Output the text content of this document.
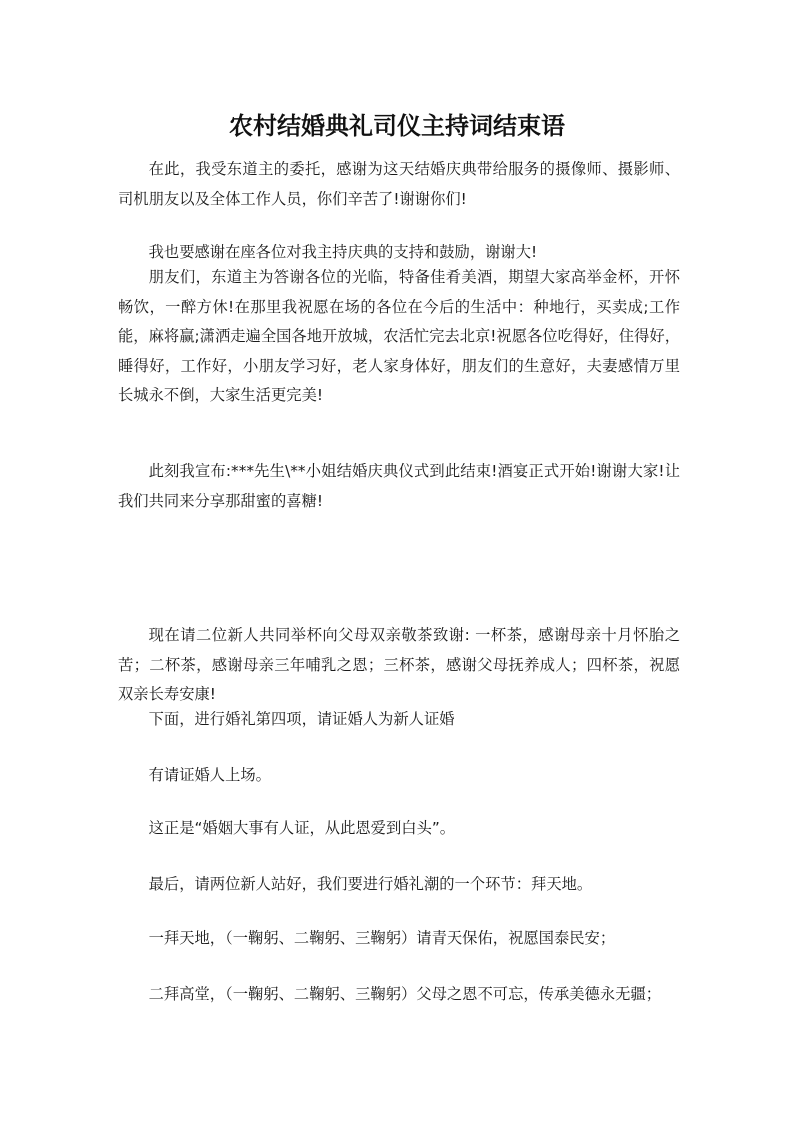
农村结婚典礼司仪主持词结束语

在此，我受东道主的委托，感谢为这天结婚庆典带给服务的摄像师、摄影师、司机朋友以及全体工作人员，你们辛苦了!谢谢你们!

我也要感谢在座各位对我主持庆典的支持和鼓励，谢谢大!

朋友们，东道主为答谢各位的光临，特备佳肴美酒，期望大家高举金杯，开怀畅饮，一醉方休!在那里我祝愿在场的各位在今后的生活中：种地行，买卖成;工作能，麻将赢;潇洒走遍全国各地开放城，农活忙完去北京!祝愿各位吃得好，住得好，睡得好，工作好，小朋友学习好，老人家身体好，朋友们的生意好，夫妻感情万里长城永不倒，大家生活更完美!

此刻我宣布:***先生\**小姐结婚庆典仪式到此结束!酒宴正式开始!谢谢大家!让我们共同来分享那甜蜜的喜糖!

现在请二位新人共同举杯向父母双亲敬茶致谢: 一杯茶，感谢母亲十月怀胎之苦；二杯茶，感谢母亲三年哺乳之恩；三杯茶，感谢父母抚养成人；四杯茶，祝愿双亲长寿安康!

下面，进行婚礼第四项，请证婚人为新人证婚

有请证婚人上场。

这正是“婚姻大事有人证，从此恩爱到白头”。

最后，请两位新人站好，我们要进行婚礼潮的一个环节：拜天地。

一拜天地，（一鞠躬、二鞠躬、三鞠躬）请青天保佑，祝愿国泰民安；

二拜高堂，（一鞠躬、二鞠躬、三鞠躬）父母之恩不可忘，传承美德永无疆；
